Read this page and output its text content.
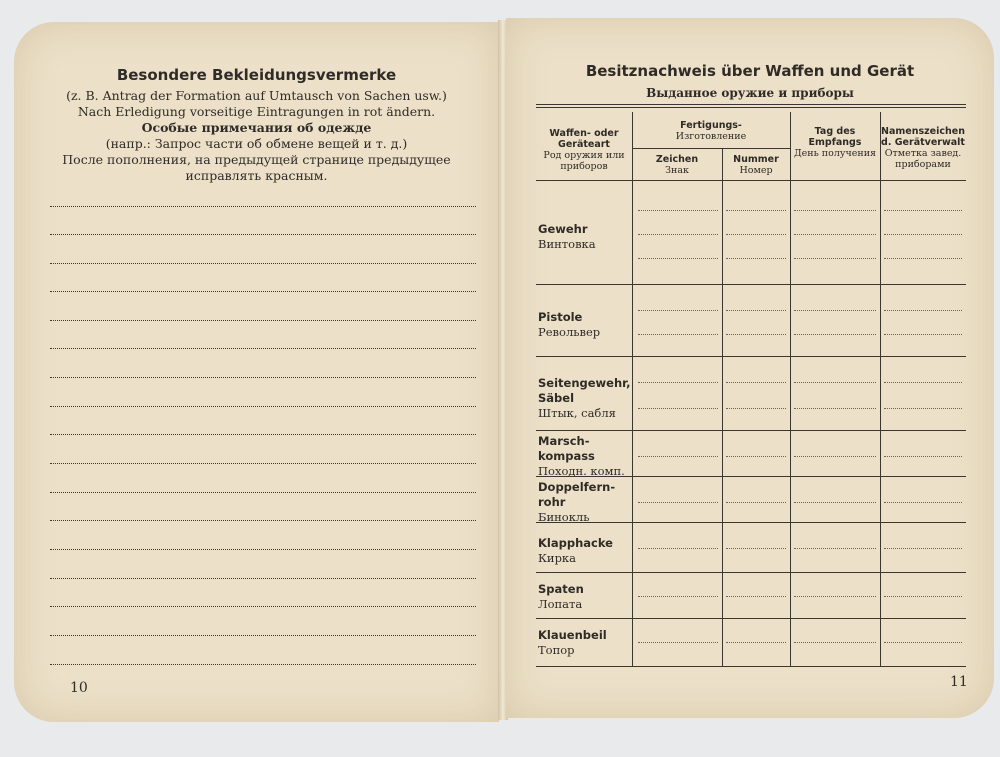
Besondere Bekleidungsvermerke
(z. B. Antrag der Formation auf Umtausch von Sachen usw.)
Nach Erledigung vorseitige Eintragungen in rot ändern.
Особые примечания об одежде
(напр.: Запрос части об обмене вещей и т. д.)
После пополнения, на предыдущей странице предыдущее
исправлять красным.
10
Besitznachweis über Waffen und Gerät
Выданное оружие и приборы
Waffen- oder Geräteart
Род оружия или приборов
Fertigungs-
Изготовление
Zeichen
Знак
Nummer
Номер
Tag des Empfangs
День получения
Namenszeichen d. Gerätverwalt
Отметка завед. приборами
Gewehr
Винтовка
Pistole
Револьвер
Seitengewehr, Säbel
Штык, сабля
Marsch- kompass
Походн. комп.
Doppelfern- rohr
Бинокль
Klapphacke
Кирка
Spaten
Лопата
Klauenbeil
Топор
11
